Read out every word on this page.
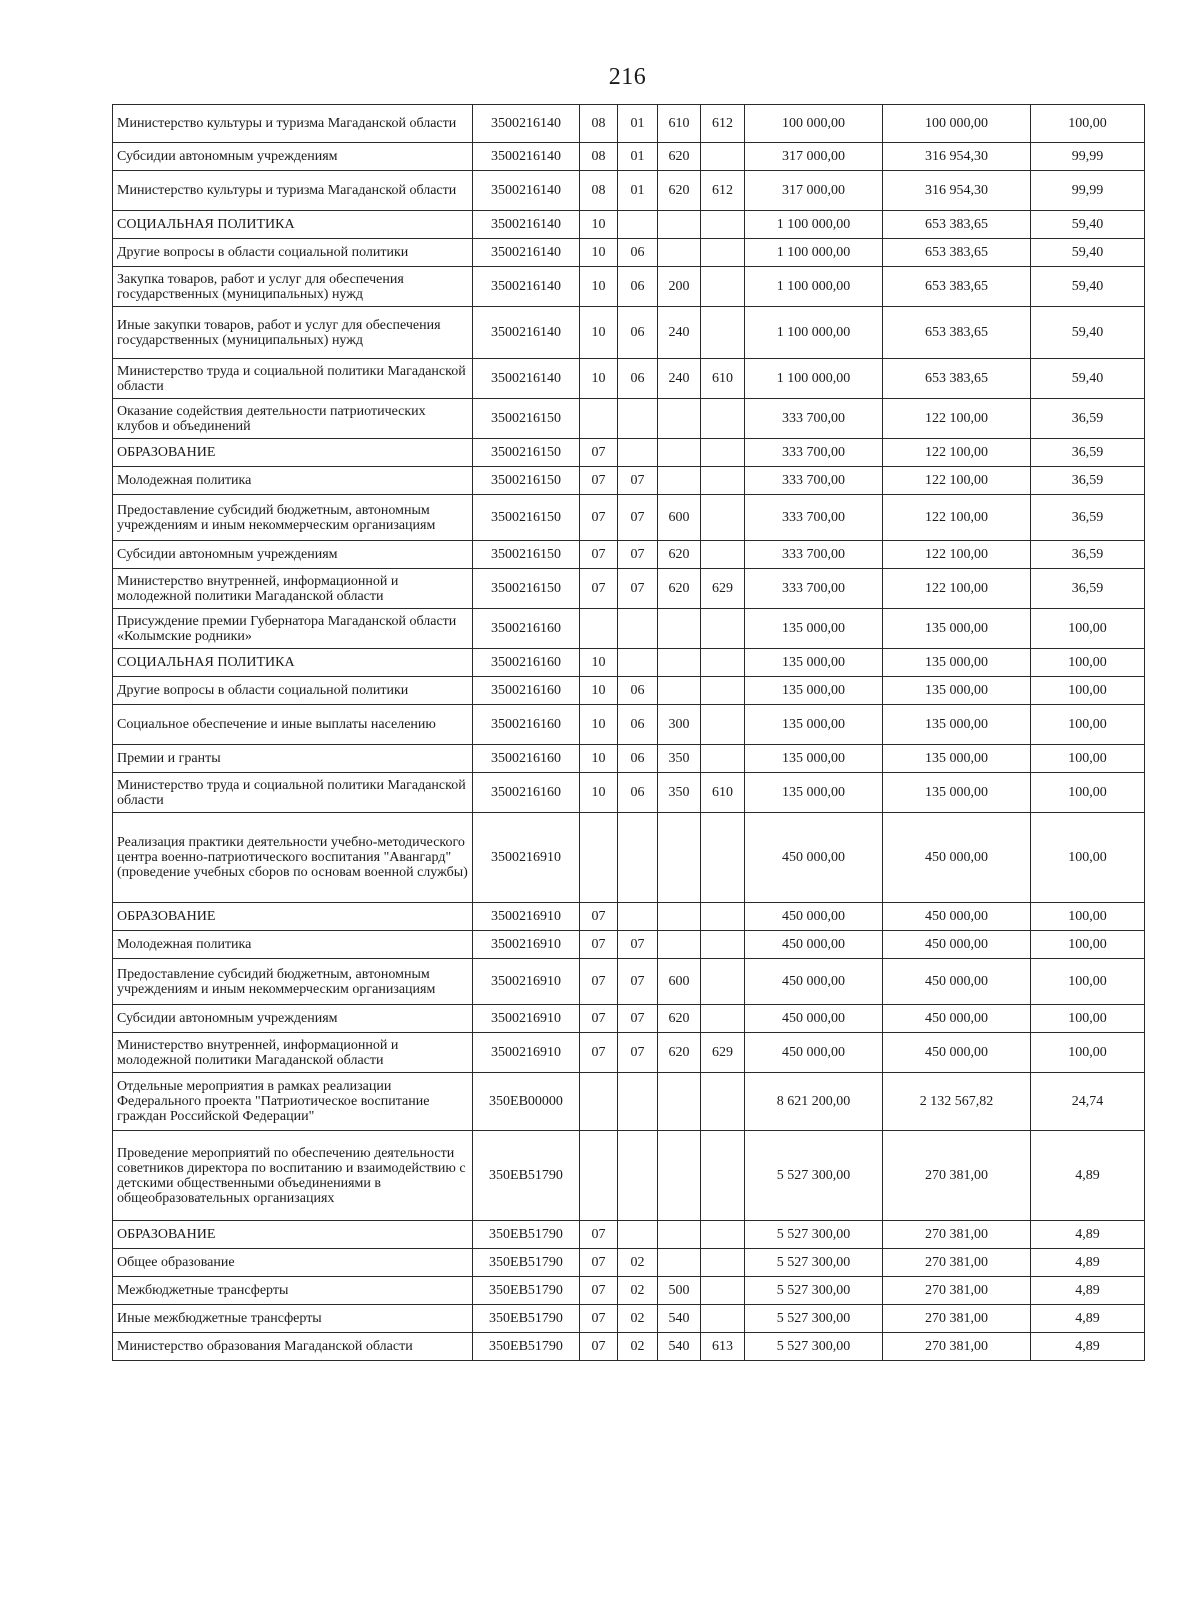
216
Министерство культуры и туризма Магаданской области	3500216140	08	01	610	612	100 000,00	100 000,00	100,00
Субсидии автономным учреждениям	3500216140	08	01	620		317 000,00	316 954,30	99,99
Министерство культуры и туризма Магаданской области	3500216140	08	01	620	612	317 000,00	316 954,30	99,99
СОЦИАЛЬНАЯ ПОЛИТИКА	3500216140	10				1 100 000,00	653 383,65	59,40
Другие вопросы в области социальной политики	3500216140	10	06			1 100 000,00	653 383,65	59,40
Закупка товаров, работ и услуг для обеспечения государственных (муниципальных) нужд	3500216140	10	06	200		1 100 000,00	653 383,65	59,40
Иные закупки товаров, работ и услуг для обеспечения государственных (муниципальных) нужд	3500216140	10	06	240		1 100 000,00	653 383,65	59,40
Министерство труда и социальной политики Магаданской области	3500216140	10	06	240	610	1 100 000,00	653 383,65	59,40
Оказание содействия деятельности патриотических клубов и объединений	3500216150					333 700,00	122 100,00	36,59
ОБРАЗОВАНИЕ	3500216150	07				333 700,00	122 100,00	36,59
Молодежная политика	3500216150	07	07			333 700,00	122 100,00	36,59
Предоставление субсидий бюджетным, автономным учреждениям и иным некоммерческим организациям	3500216150	07	07	600		333 700,00	122 100,00	36,59
Субсидии автономным учреждениям	3500216150	07	07	620		333 700,00	122 100,00	36,59
Министерство внутренней, информационной и молодежной политики Магаданской области	3500216150	07	07	620	629	333 700,00	122 100,00	36,59
Присуждение премии Губернатора Магаданской области «Колымские родники»	3500216160					135 000,00	135 000,00	100,00
СОЦИАЛЬНАЯ ПОЛИТИКА	3500216160	10				135 000,00	135 000,00	100,00
Другие вопросы в области социальной политики	3500216160	10	06			135 000,00	135 000,00	100,00
Социальное обеспечение и иные выплаты населению	3500216160	10	06	300		135 000,00	135 000,00	100,00
Премии и гранты	3500216160	10	06	350		135 000,00	135 000,00	100,00
Министерство труда и социальной политики Магаданской области	3500216160	10	06	350	610	135 000,00	135 000,00	100,00
Реализация практики деятельности учебно-методического центра военно-патриотического воспитания "Авангард" (проведение учебных сборов по основам военной службы)	3500216910					450 000,00	450 000,00	100,00
ОБРАЗОВАНИЕ	3500216910	07				450 000,00	450 000,00	100,00
Молодежная политика	3500216910	07	07			450 000,00	450 000,00	100,00
Предоставление субсидий бюджетным, автономным учреждениям и иным некоммерческим организациям	3500216910	07	07	600		450 000,00	450 000,00	100,00
Субсидии автономным учреждениям	3500216910	07	07	620		450 000,00	450 000,00	100,00
Министерство внутренней, информационной и молодежной политики Магаданской области	3500216910	07	07	620	629	450 000,00	450 000,00	100,00
Отдельные мероприятия в рамках реализации Федерального проекта "Патриотическое воспитание граждан Российской Федерации"	350EB00000					8 621 200,00	2 132 567,82	24,74
Проведение мероприятий по обеспечению деятельности советников директора по воспитанию и взаимодействию с детскими общественными объединениями в общеобразовательных организациях	350EB51790					5 527 300,00	270 381,00	4,89
ОБРАЗОВАНИЕ	350EB51790	07				5 527 300,00	270 381,00	4,89
Общее образование	350EB51790	07	02			5 527 300,00	270 381,00	4,89
Межбюджетные трансферты	350EB51790	07	02	500		5 527 300,00	270 381,00	4,89
Иные межбюджетные трансферты	350EB51790	07	02	540		5 527 300,00	270 381,00	4,89
Министерство образования Магаданской области	350EB51790	07	02	540	613	5 527 300,00	270 381,00	4,89
